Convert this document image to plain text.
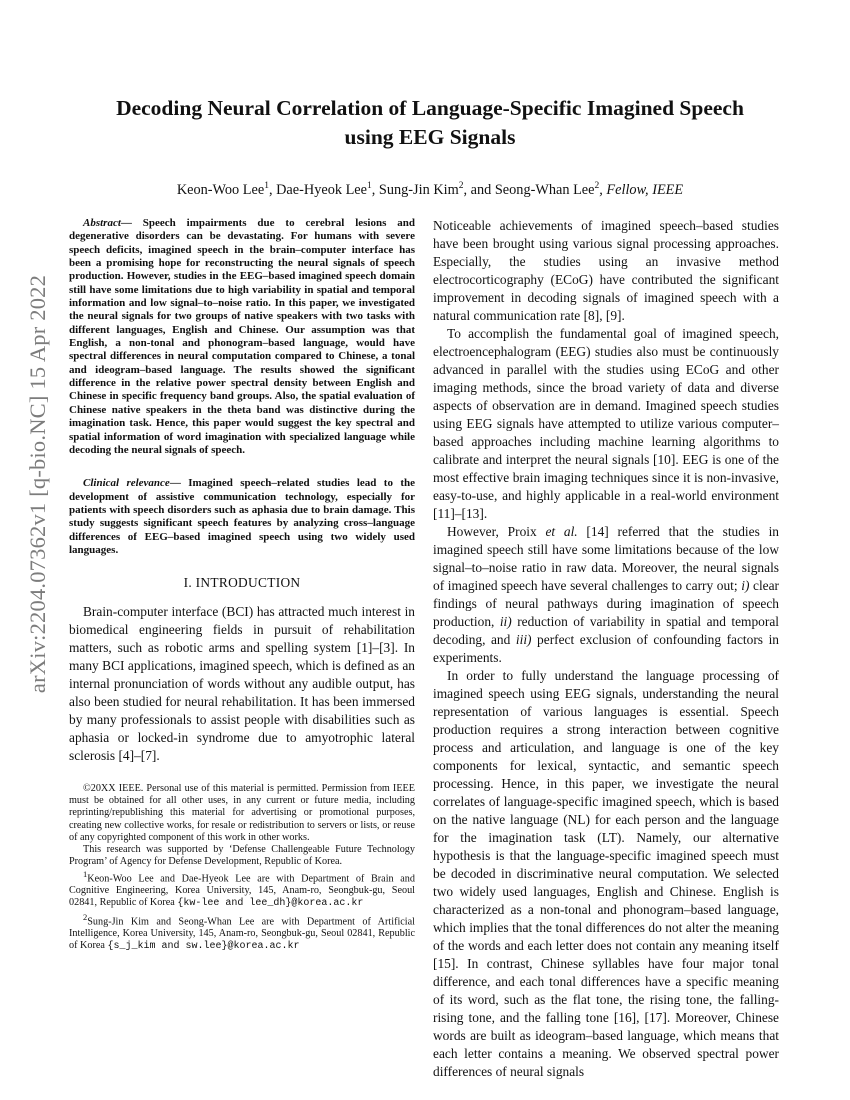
arXiv:2204.07362v1 [q-bio.NC] 15 Apr 2022
Decoding Neural Correlation of Language-Specific Imagined Speech
using EEG Signals
Keon-Woo Lee$^1$, Dae-Hyeok Lee$^1$, Sung-Jin Kim$^2$, and Seong-Whan Lee$^2$, Fellow, IEEE

Abstract— Speech impairments due to cerebral lesions and degenerative disorders can be devastating. For humans with severe speech deficits, imagined speech in the brain–computer interface has been a promising hope for reconstructing the neural signals of speech production. However, studies in the EEG–based imagined speech domain still have some limitations due to high variability in spatial and temporal information and low signal–to–noise ratio. In this paper, we investigated the neural signals for two groups of native speakers with two tasks with different languages, English and Chinese. Our assumption was that English, a non-tonal and phonogram–based language, would have spectral differences in neural computation compared to Chinese, a tonal and ideogram–based language. The results showed the significant difference in the relative power spectral density between English and Chinese in specific frequency band groups. Also, the spatial evaluation of Chinese native speakers in the theta band was distinctive during the imagination task. Hence, this paper would suggest the key spectral and spatial information of word imagination with specialized language while decoding the neural signals of speech.

Clinical relevance— Imagined speech–related studies lead to the development of assistive communication technology, especially for patients with speech disorders such as aphasia due to brain damage. This study suggests significant speech features by analyzing cross–language differences of EEG–based imagined speech using two widely used languages.

I. INTRODUCTION

Brain-computer interface (BCI) has attracted much interest in biomedical engineering fields in pursuit of rehabilitation matters, such as robotic arms and spelling system [1]–[3]. In many BCI applications, imagined speech, which is defined as an internal pronunciation of words without any audible output, has also been studied for neural rehabilitation. It has been immersed by many professionals to assist people with disabilities such as aphasia or locked-in syndrome due to amyotrophic lateral sclerosis [4]–[7].

©20XX IEEE. Personal use of this material is permitted. Permission from IEEE must be obtained for all other uses, in any current or future media, including reprinting/republishing this material for advertising or promotional purposes, creating new collective works, for resale or redistribution to servers or lists, or reuse of any copyrighted component of this work in other works.

This research was supported by ‘Defense Challengeable Future Technology Program’ of Agency for Defense Development, Republic of Korea.

$^1$Keon-Woo Lee and Dae-Hyeok Lee are with Department of Brain and Cognitive Engineering, Korea University, 145, Anam-ro, Seongbuk-gu, Seoul 02841, Republic of Korea {kw-lee and lee_dh}@korea.ac.kr

$^2$Sung-Jin Kim and Seong-Whan Lee are with Department of Artificial Intelligence, Korea University, 145, Anam-ro, Seongbuk-gu, Seoul 02841, Republic of Korea {s_j_kim and sw.lee}@korea.ac.kr

Noticeable achievements of imagined speech–based studies have been brought using various signal processing approaches. Especially, the studies using an invasive method electrocorticography (ECoG) have contributed the significant improvement in decoding signals of imagined speech with a natural communication rate [8], [9].

To accomplish the fundamental goal of imagined speech, electroencephalogram (EEG) studies also must be continuously advanced in parallel with the studies using ECoG and other imaging methods, since the broad variety of data and diverse aspects of observation are in demand. Imagined speech studies using EEG signals have attempted to utilize various computer–based approaches including machine learning algorithms to calibrate and interpret the neural signals [10]. EEG is one of the most effective brain imaging techniques since it is non-invasive, easy-to-use, and highly applicable in a real-world environment [11]–[13].

However, Proix et al. [14] referred that the studies in imagined speech still have some limitations because of the low signal–to–noise ratio in raw data. Moreover, the neural signals of imagined speech have several challenges to carry out; i) clear findings of neural pathways during imagination of speech production, ii) reduction of variability in spatial and temporal decoding, and iii) perfect exclusion of confounding factors in experiments.

In order to fully understand the language processing of imagined speech using EEG signals, understanding the neural representation of various languages is essential. Speech production requires a strong interaction between cognitive process and articulation, and language is one of the key components for lexical, syntactic, and semantic speech processing. Hence, in this paper, we investigate the neural correlates of language-specific imagined speech, which is based on the native language (NL) for each person and the language for the imagination task (LT). Namely, our alternative hypothesis is that the language-specific imagined speech must be decoded in discriminative neural computation. We selected two widely used languages, English and Chinese. English is characterized as a non-tonal and phonogram–based language, which implies that the tonal differences do not alter the meaning of the words and each letter does not contain any meaning itself [15]. In contrast, Chinese syllables have four major tonal difference, and each tonal differences have a specific meaning of its word, such as the flat tone, the rising tone, the falling-rising tone, and the falling tone [16], [17]. Moreover, Chinese words are built as ideogram–based language, which means that each letter contains a meaning. We observed spectral power differences of neural signals
